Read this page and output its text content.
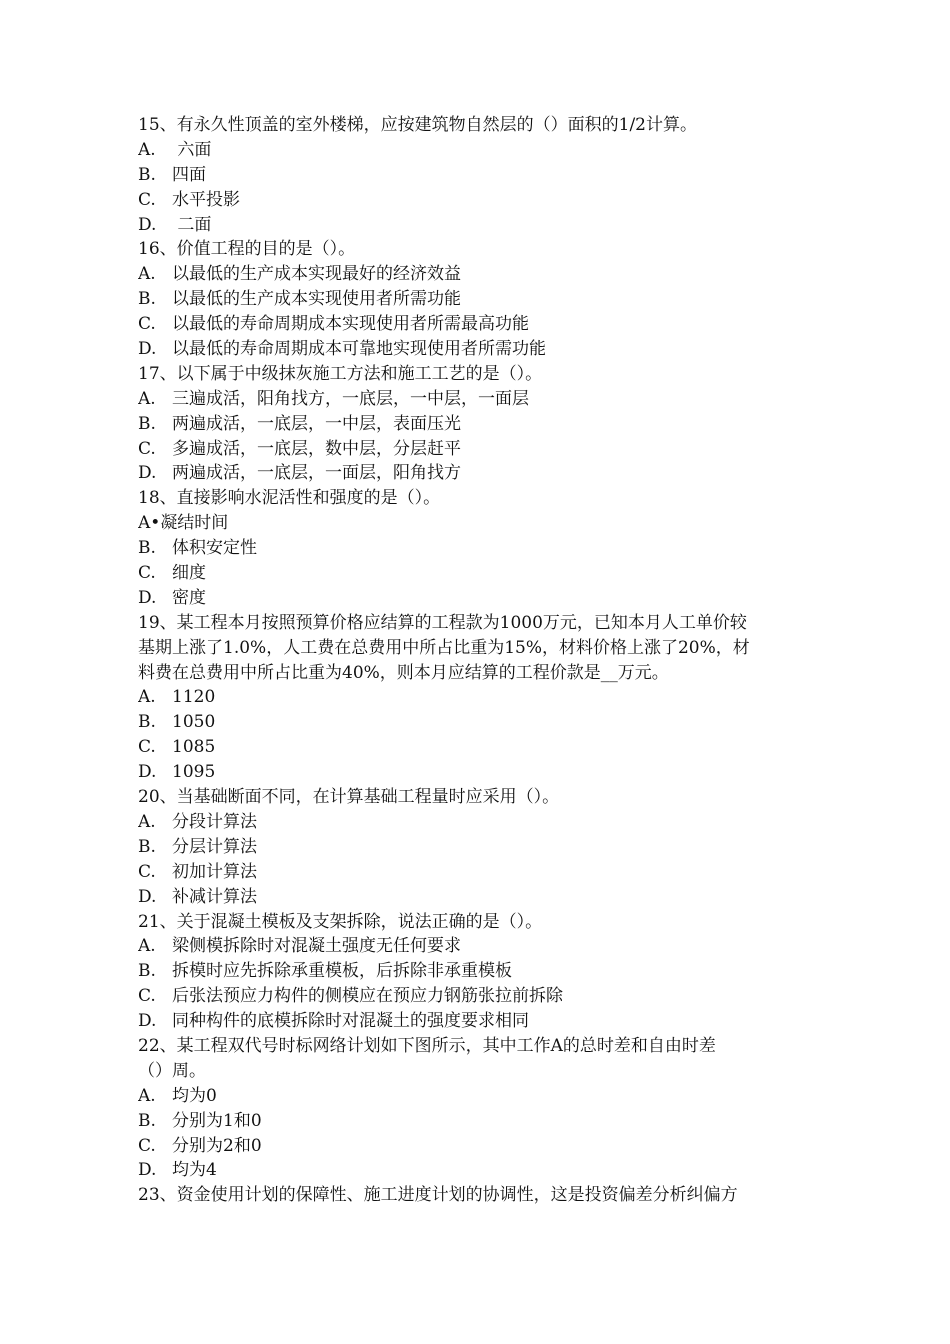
15、有永久性顶盖的室外楼梯，应按建筑物自然层的（）面积的1/2计算。
A. 六面
B. 四面
C. 水平投影
D. 二面
16、价值工程的目的是（）。
A. 以最低的生产成本实现最好的经济效益
B. 以最低的生产成本实现使用者所需功能
C. 以最低的寿命周期成本实现使用者所需最高功能
D. 以最低的寿命周期成本可靠地实现使用者所需功能
17、以下属于中级抹灰施工方法和施工工艺的是（）。
A. 三遍成活，阳角找方，一底层，一中层，一面层
B. 两遍成活，一底层，一中层，表面压光
C. 多遍成活，一底层，数中层，分层赶平
D. 两遍成活，一底层，一面层，阳角找方
18、直接影响水泥活性和强度的是（）。
A• 凝结时间
B. 体积安定性
C. 细度
D. 密度
19、某工程本月按照预算价格应结算的工程款为1000万元，已知本月人工单价较
基期上涨了1.0%，人工费在总费用中所占比重为15%，材料价格上涨了20%，材
料费在总费用中所占比重为40%，则本月应结算的工程价款是__万元。
A. 1120
B. 1050
C. 1085
D. 1095
20、当基础断面不同，在计算基础工程量时应采用（）。
A. 分段计算法
B. 分层计算法
C. 初加计算法
D. 补减计算法
21、关于混凝土模板及支架拆除，说法正确的是（）。
A. 梁侧模拆除时对混凝土强度无任何要求
B. 拆模时应先拆除承重模板，后拆除非承重模板
C. 后张法预应力构件的侧模应在预应力钢筋张拉前拆除
D. 同种构件的底模拆除时对混凝土的强度要求相同
22、某工程双代号时标网络计划如下图所示，其中工作A的总时差和自由时差
（）周。
A. 均为0
B. 分别为1和0
C. 分别为2和0
D. 均为4
23、资金使用计划的保障性、施工进度计划的协调性，这是投资偏差分析纠偏方
